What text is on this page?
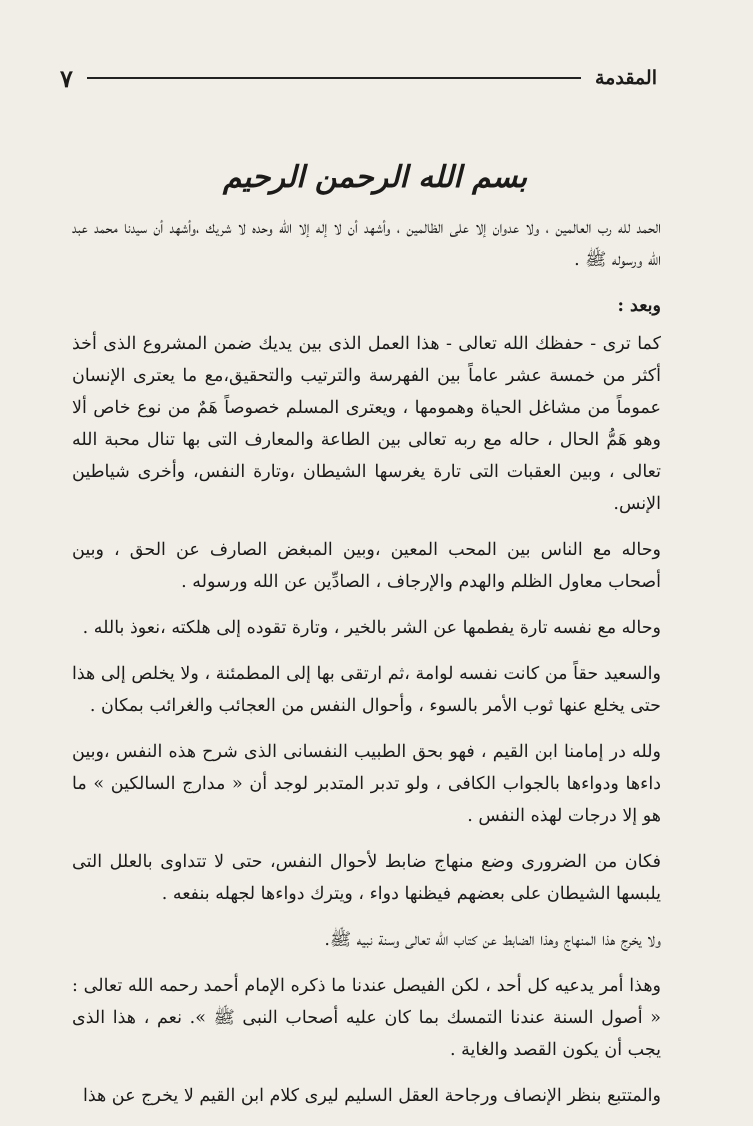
المقدمة
٧
بسم الله الرحمن الرحيم

الحمد لله رب العالمين ، ولا عدوان إلا على الظالمين ، وأشهد أن لا إله إلا الله وحده لا شريك ،وأشهد أن سيدنا محمد عبد الله ورسوله ﷺ .

وبعد :

كما ترى - حفظك الله تعالى - هذا العمل الذى بين يديك ضمن المشروع الذى أخذ أكثر من خمسة عشر عاماً بين الفهرسة والترتيب والتحقيق،مع ما يعترى الإنسان عموماً من مشاغل الحياة وهمومها ، ويعترى المسلم خصوصاً هَمٌ من نوع خاص ألا وهو هَمُّ الحال ، حاله مع ربه تعالى بين الطاعة والمعارف التى بها تنال محبة الله تعالى ، وبين العقبات التى تارة يغرسها الشيطان ،وتارة النفس، وأخرى شياطين الإنس.

وحاله مع الناس بين المحب المعين ،وبين المبغض الصارف عن الحق ، وبين أصحاب معاول الظلم والهدم والإرجاف ، الصادِّين عن الله ورسوله .

وحاله مع نفسه تارة يفطمها عن الشر بالخير ، وتارة تقوده إلى هلكته ،نعوذ بالله .

والسعيد حقاً من كانت نفسه لوامة ،ثم ارتقى بها إلى المطمئنة ، ولا يخلص إلى هذا حتى يخلع عنها ثوب الأمر بالسوء ، وأحوال النفس من العجائب والغرائب بمكان .

ولله در إمامنا ابن القيم ، فهو بحق الطبيب النفسانى الذى شرح هذه النفس ،وبين داءها ودواءها بالجواب الكافى ، ولو تدبر المتدبر لوجد أن « مدارج السالكين » ما هو إلا درجات لهذه النفس .

فكان من الضرورى وضع منهاج ضابط لأحوال النفس، حتى لا تتداوى بالعلل التى يلبسها الشيطان على بعضهم فيظنها دواء ، ويترك دواءها لجهله بنفعه .

ولا يخرج هذا المنهاج وهذا الضابط عن كتاب الله تعالى وسنة نبيه ﷺ.

وهذا أمر يدعيه كل أحد ، لكن الفيصل عندنا ما ذكره الإمام أحمد رحمه الله تعالى : « أصول السنة عندنا التمسك بما كان عليه أصحاب النبى ﷺ ». نعم ، هذا الذى يجب أن يكون القصد والغاية .

والمتتبع بنظر الإنصاف ورجاحة العقل السليم ليرى كلام ابن القيم لا يخرج عن هذا
